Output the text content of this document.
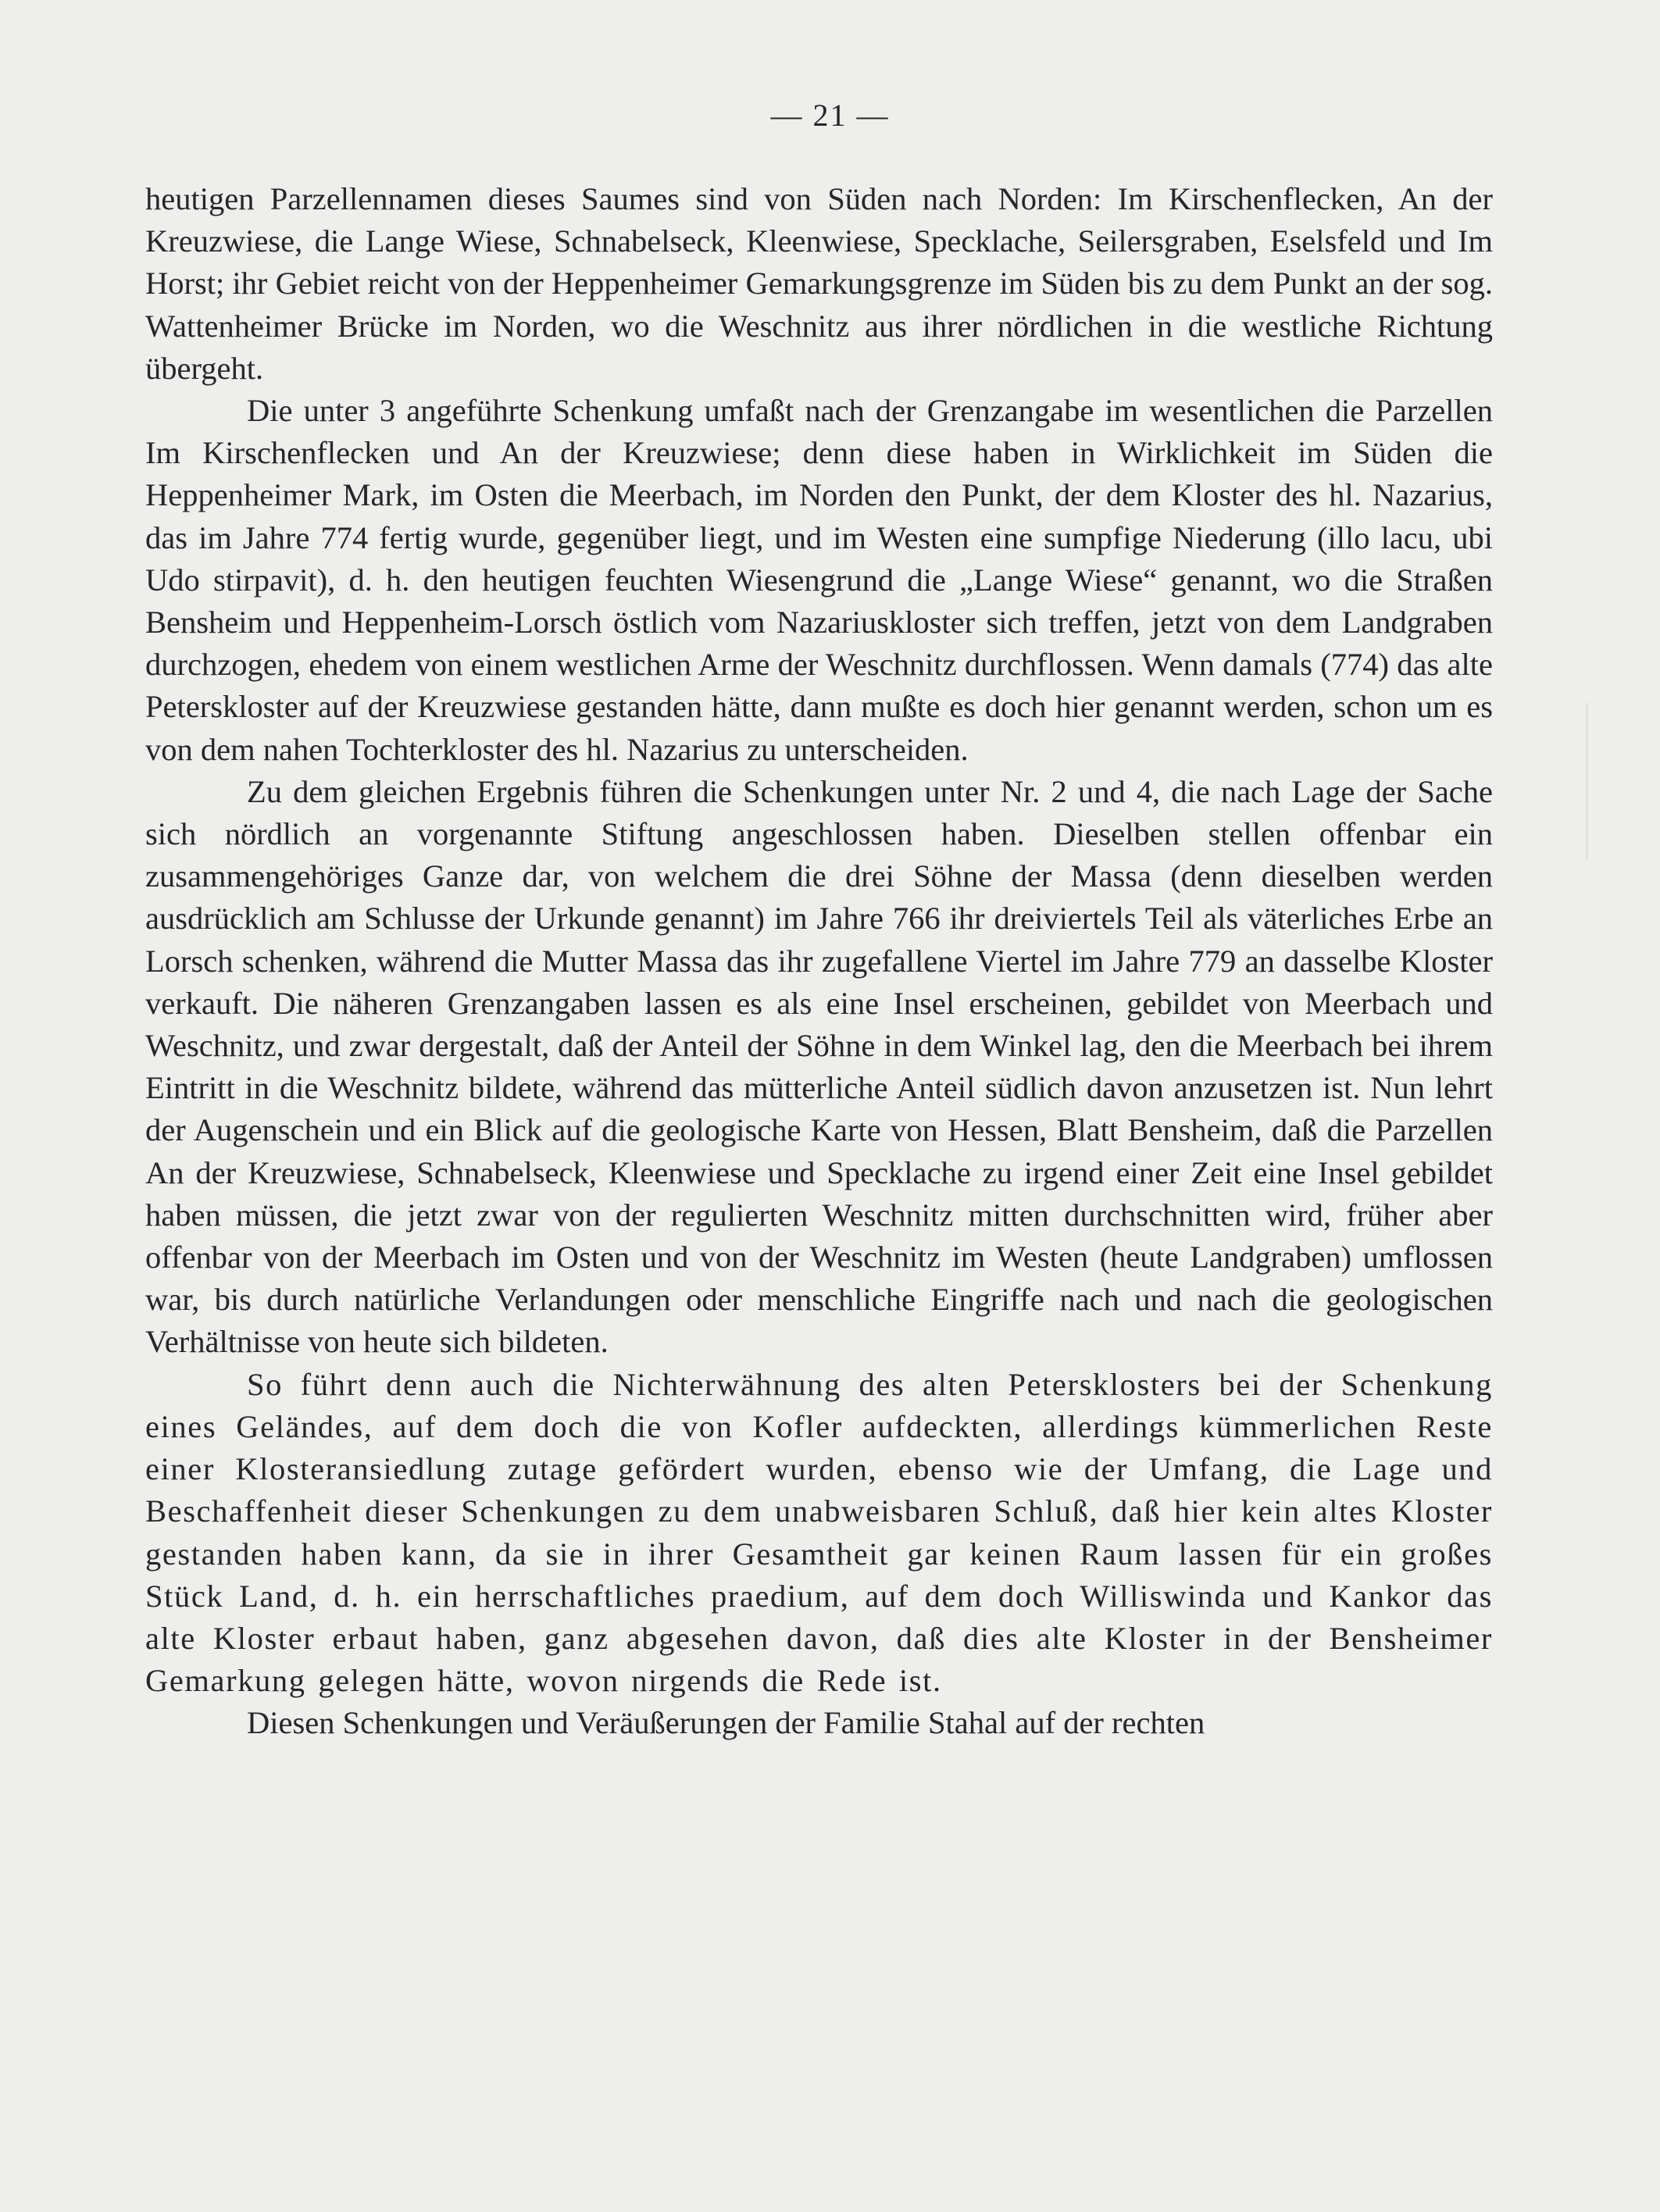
— 21 —

heutigen Parzellennamen dieses Saumes sind von Süden nach Norden: Im Kirschenflecken, An der Kreuzwiese, die Lange Wiese, Schnabelseck, Kleenwiese, Specklache, Seilersgraben, Eselsfeld und Im Horst; ihr Gebiet reicht von der Heppenheimer Gemarkungsgrenze im Süden bis zu dem Punkt an der sog. Wattenheimer Brücke im Norden, wo die Weschnitz aus ihrer nördlichen in die westliche Richtung übergeht.

Die unter 3 angeführte Schenkung umfaßt nach der Grenzangabe im wesentlichen die Parzellen Im Kirschenflecken und An der Kreuzwiese; denn diese haben in Wirklichkeit im Süden die Heppenheimer Mark, im Osten die Meerbach, im Norden den Punkt, der dem Kloster des hl. Nazarius, das im Jahre 774 fertig wurde, gegenüber liegt, und im Westen eine sumpfige Niederung (illo lacu, ubi Udo stirpavit), d. h. den heutigen feuchten Wiesengrund die „Lange Wiese“ genannt, wo die Straßen Bensheim und Heppenheim-Lorsch östlich vom Nazariuskloster sich treffen, jetzt von dem Landgraben durchzogen, ehedem von einem westlichen Arme der Weschnitz durchflossen. Wenn damals (774) das alte Peterskloster auf der Kreuzwiese gestanden hätte, dann mußte es doch hier genannt werden, schon um es von dem nahen Tochterkloster des hl. Nazarius zu unterscheiden.

Zu dem gleichen Ergebnis führen die Schenkungen unter Nr. 2 und 4, die nach Lage der Sache sich nördlich an vorgenannte Stiftung angeschlossen haben. Dieselben stellen offenbar ein zusammengehöriges Ganze dar, von welchem die drei Söhne der Massa (denn dieselben werden ausdrücklich am Schlusse der Urkunde genannt) im Jahre 766 ihr dreiviertels Teil als väterliches Erbe an Lorsch schenken, während die Mutter Massa das ihr zugefallene Viertel im Jahre 779 an dasselbe Kloster verkauft. Die näheren Grenzangaben lassen es als eine Insel erscheinen, gebildet von Meerbach und Weschnitz, und zwar dergestalt, daß der Anteil der Söhne in dem Winkel lag, den die Meerbach bei ihrem Eintritt in die Weschnitz bildete, während das mütterliche Anteil südlich davon anzusetzen ist. Nun lehrt der Augenschein und ein Blick auf die geologische Karte von Hessen, Blatt Bensheim, daß die Parzellen An der Kreuzwiese, Schnabelseck, Kleenwiese und Specklache zu irgend einer Zeit eine Insel gebildet haben müssen, die jetzt zwar von der regulierten Weschnitz mitten durchschnitten wird, früher aber offenbar von der Meerbach im Osten und von der Weschnitz im Westen (heute Landgraben) umflossen war, bis durch natürliche Verlandungen oder menschliche Eingriffe nach und nach die geologischen Verhältnisse von heute sich bildeten.

So führt denn auch die Nichterwähnung des alten Petersklosters bei der Schenkung eines Geländes, auf dem doch die von Kofler aufdeckten, allerdings kümmerlichen Reste einer Klosteransiedlung zutage gefördert wurden, ebenso wie der Umfang, die Lage und Beschaffenheit dieser Schenkungen zu dem unabweisbaren Schluß, daß hier kein altes Kloster gestanden haben kann, da sie in ihrer Gesamtheit gar keinen Raum lassen für ein großes Stück Land, d. h. ein herrschaftliches praedium, auf dem doch Williswinda und Kankor das alte Kloster erbaut haben, ganz abgesehen davon, daß dies alte Kloster in der Bensheimer Gemarkung gelegen hätte, wovon nirgends die Rede ist.

Diesen Schenkungen und Veräußerungen der Familie Stahal auf der rechten
